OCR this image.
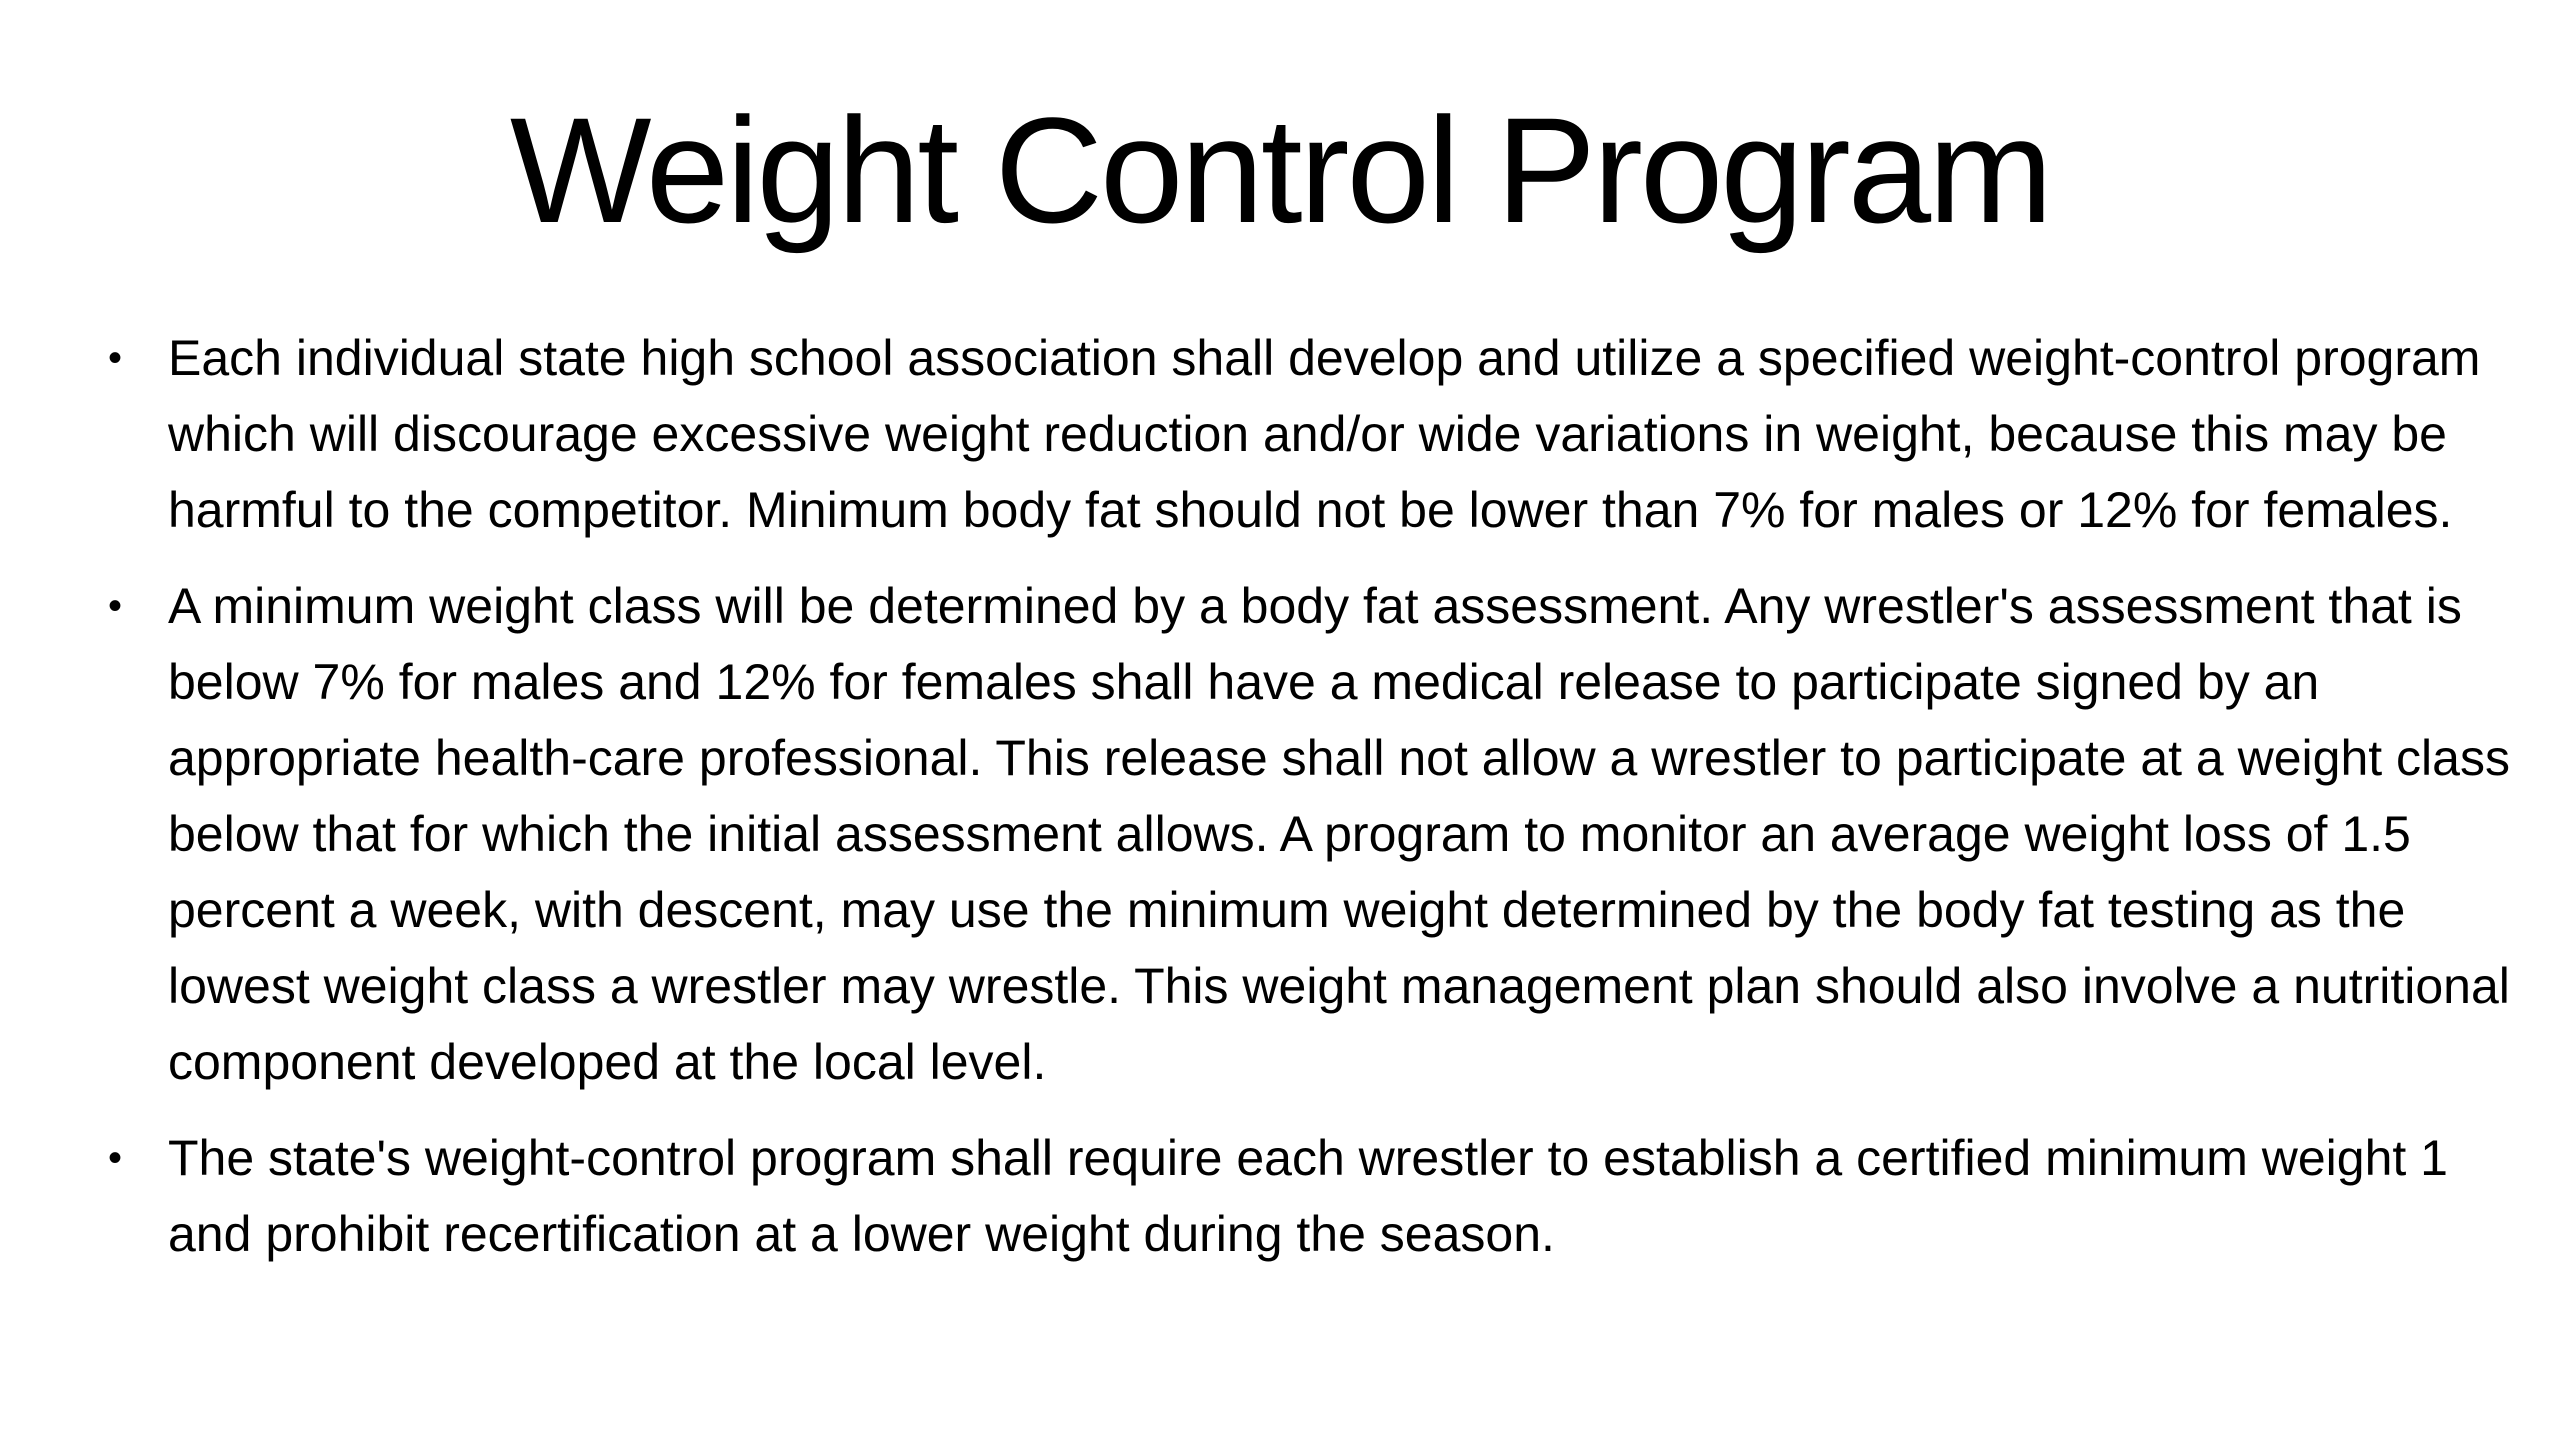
Weight Control Program
• Each individual state high school association shall develop and utilize a specified weight-control program which will discourage excessive weight reduction and/or wide variations in weight, because this may be harmful to the competitor. Minimum body fat should not be lower than 7% for males or 12% for females.
• A minimum weight class will be determined by a body fat assessment. Any wrestler's assessment that is below 7% for males and 12% for females shall have a medical release to participate signed by an appropriate health-care professional. This release shall not allow a wrestler to participate at a weight class below that for which the initial assessment allows. A program to monitor an average weight loss of 1.5 percent a week, with descent, may use the minimum weight determined by the body fat testing as the lowest weight class a wrestler may wrestle. This weight management plan should also involve a nutritional component developed at the local level.
• The state's weight-control program shall require each wrestler to establish a certified minimum weight 1 and prohibit recertification at a lower weight during the season.
